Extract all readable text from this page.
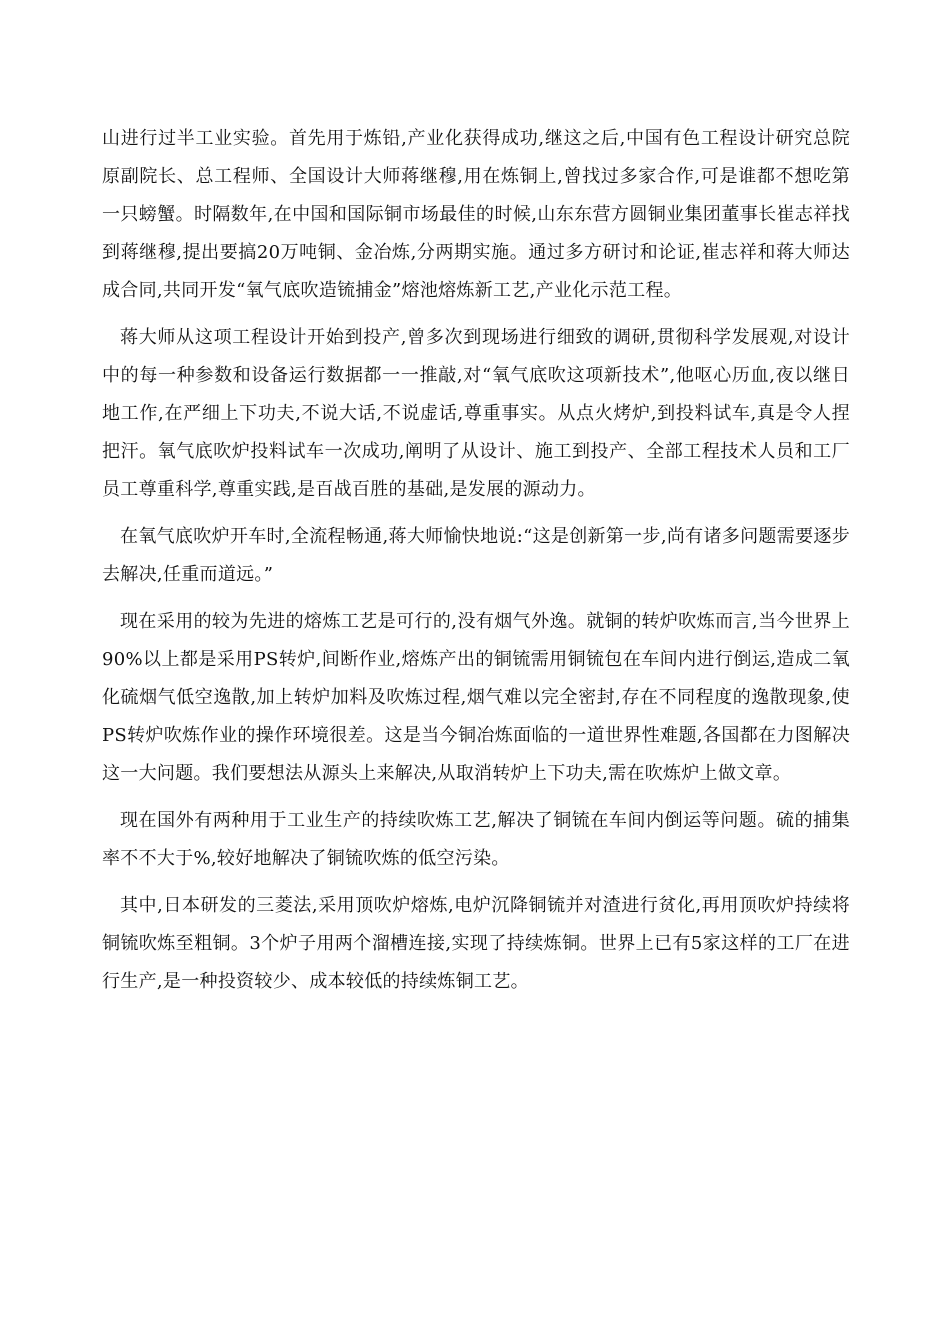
山进行过半工业实验。首先用于炼铅,产业化获得成功,继这之后,中国有色工程设计研究总院原副院长、总工程师、全国设计大师蒋继穆,用在炼铜上,曾找过多家合作,可是谁都不想吃第一只螃蟹。时隔数年,在中国和国际铜市场最佳的时候,山东东营方圆铜业集团董事长崔志祥找到蒋继穆,提出要搞20万吨铜、金冶炼,分两期实施。通过多方研讨和论证,崔志祥和蒋大师达成合同,共同开发“氧气底吹造锍捕金”熔池熔炼新工艺,产业化示范工程。

蒋大师从这项工程设计开始到投产,曾多次到现场进行细致的调研,贯彻科学发展观,对设计中的每一种参数和设备运行数据都一一推敲,对“氧气底吹这项新技术”,他呕心历血,夜以继日地工作,在严细上下功夫,不说大话,不说虚话,尊重事实。从点火烤炉,到投料试车,真是令人捏把汗。氧气底吹炉投料试车一次成功,阐明了从设计、施工到投产、全部工程技术人员和工厂员工尊重科学,尊重实践,是百战百胜的基础,是发展的源动力。

在氧气底吹炉开车时,全流程畅通,蒋大师愉快地说:“这是创新第一步,尚有诸多问题需要逐步去解决,任重而道远。”

现在采用的较为先进的熔炼工艺是可行的,没有烟气外逸。就铜的转炉吹炼而言,当今世界上90%以上都是采用PS转炉,间断作业,熔炼产出的铜锍需用铜锍包在车间内进行倒运,造成二氧化硫烟气低空逸散,加上转炉加料及吹炼过程,烟气难以完全密封,存在不同程度的逸散现象,使PS转炉吹炼作业的操作环境很差。这是当今铜冶炼面临的一道世界性难题,各国都在力图解决这一大问题。我们要想法从源头上来解决,从取消转炉上下功夫,需在吹炼炉上做文章。

现在国外有两种用于工业生产的持续吹炼工艺,解决了铜锍在车间内倒运等问题。硫的捕集率不不大于%,较好地解决了铜锍吹炼的低空污染。

其中,日本研发的三菱法,采用顶吹炉熔炼,电炉沉降铜锍并对渣进行贫化,再用顶吹炉持续将铜锍吹炼至粗铜。3个炉子用两个溜槽连接,实现了持续炼铜。世界上已有5家这样的工厂在进行生产,是一种投资较少、成本较低的持续炼铜工艺。
